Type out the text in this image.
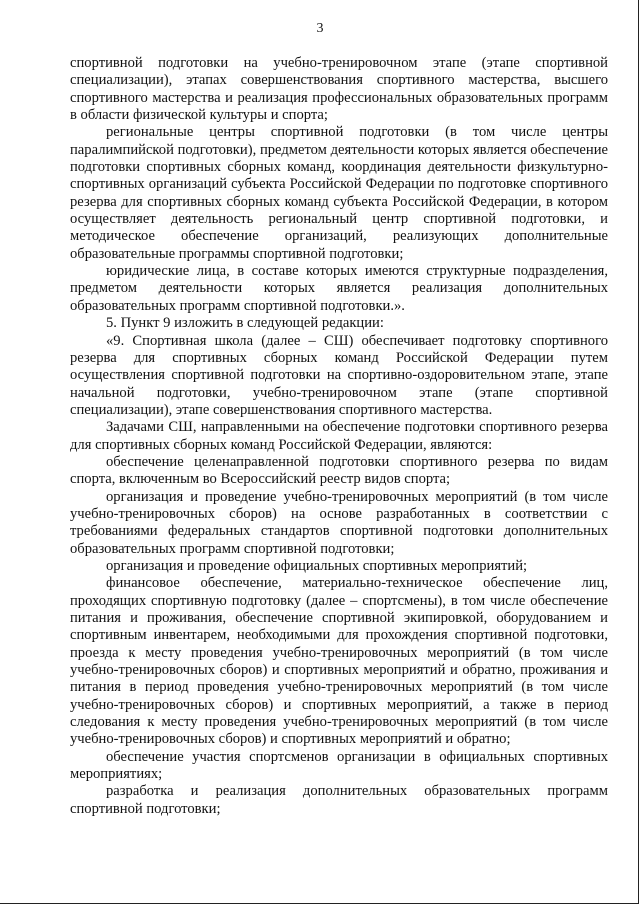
3

спортивной подготовки на учебно-тренировочном этапе (этапе спортивной специализации), этапах совершенствования спортивного мастерства, высшего спортивного мастерства и реализация профессиональных образовательных программ в области физической культуры и спорта;

региональные центры спортивной подготовки (в том числе центры паралимпийской подготовки), предметом деятельности которых является обеспечение подготовки спортивных сборных команд, координация деятельности физкультурно-спортивных организаций субъекта Российской Федерации по подготовке спортивного резерва для спортивных сборных команд субъекта Российской Федерации, в котором осуществляет деятельность региональный центр спортивной подготовки, и методическое обеспечение организаций, реализующих дополнительные образовательные программы спортивной подготовки;

юридические лица, в составе которых имеются структурные подразделения, предметом деятельности которых является реализация дополнительных образовательных программ спортивной подготовки.».

5. Пункт 9 изложить в следующей редакции:

«9. Спортивная школа (далее – СШ) обеспечивает подготовку спортивного резерва для спортивных сборных команд Российской Федерации путем осуществления спортивной подготовки на спортивно-оздоровительном этапе, этапе начальной подготовки, учебно-тренировочном этапе (этапе спортивной специализации), этапе совершенствования спортивного мастерства.

Задачами СШ, направленными на обеспечение подготовки спортивного резерва для спортивных сборных команд Российской Федерации, являются:

обеспечение целенаправленной подготовки спортивного резерва по видам спорта, включенным во Всероссийский реестр видов спорта;

организация и проведение учебно-тренировочных мероприятий (в том числе учебно-тренировочных сборов) на основе разработанных в соответствии с требованиями федеральных стандартов спортивной подготовки дополнительных образовательных программ спортивной подготовки;

организация и проведение официальных спортивных мероприятий;

финансовое обеспечение, материально-техническое обеспечение лиц, проходящих спортивную подготовку (далее – спортсмены), в том числе обеспечение питания и проживания, обеспечение спортивной экипировкой, оборудованием и спортивным инвентарем, необходимыми для прохождения спортивной подготовки, проезда к месту проведения учебно-тренировочных мероприятий (в том числе учебно-тренировочных сборов) и спортивных мероприятий и обратно, проживания и питания в период проведения учебно-тренировочных мероприятий (в том числе учебно-тренировочных сборов) и спортивных мероприятий, а также в период следования к месту проведения учебно-тренировочных мероприятий (в том числе учебно-тренировочных сборов) и спортивных мероприятий и обратно;

обеспечение участия спортсменов организации в официальных спортивных мероприятиях;

разработка и реализация дополнительных образовательных программ спортивной подготовки;
